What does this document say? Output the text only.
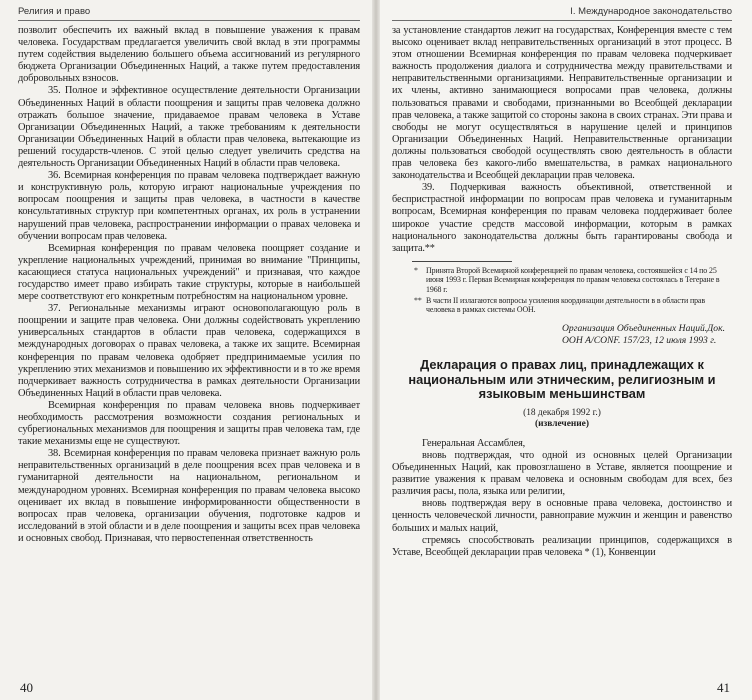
Религия и право

позволит обеспечить их важный вклад в повышение уважения к правам человека. Государствам предлагается увеличить свой вклад в эти программы путем содействия выделению большего объема ассигнований из регулярного бюджета Организации Объединенных Наций, а также путем предоставления добровольных взносов.

35. Полное и эффективное осуществление деятельности Организации Объединенных Наций в области поощрения и защиты прав человека должно отражать большое значение, придаваемое правам человека в Уставе Организации Объединенных Наций, а также требованиям к деятельности Организации Объединенных Наций в области прав человека, вытекающие из решений государств-членов. С этой целью следует увеличить средства на деятельность Организации Объединенных Наций в области прав человека.

36. Всемирная конференция по правам человека подтверждает важную и конструктивную роль, которую играют национальные учреждения по вопросам поощрения и защиты прав человека, в частности в качестве консультативных структур при компетентных органах, их роль в устранении нарушений прав человека, распространении информации о правах человека и обучении вопросам прав человека.

Всемирная конференция по правам человека поощряет создание и укрепление национальных учреждений, принимая во внимание "Принципы, касающиеся статуса национальных учреждений" и признавая, что каждое государство имеет право избирать такие структуры, которые в наибольшей мере соответствуют его конкретным потребностям на национальном уровне.

37. Региональные механизмы играют основополагающую роль в поощрении и защите прав человека. Они должны содействовать укреплению универсальных стандартов в области прав человека, содержащихся в международных договорах о правах человека, а также их защите. Всемирная конференция по правам человека одобряет предпринимаемые усилия по укреплению этих механизмов и повышению их эффективности и в то же время подчеркивает важность сотрудничества в рамках деятельности Организации Объединенных Наций в области прав человека.

Всемирная конференция по правам человека вновь подчеркивает необходимость рассмотрения возможности создания региональных и субрегиональных механизмов для поощрения и защиты прав человека там, где такие механизмы еще не существуют.

38. Всемирная конференция по правам человека признает важную роль неправительственных организаций в деле поощрения всех прав человека и в гуманитарной деятельности на национальном, региональном и международном уровнях. Всемирная конференция по правам человека высоко оценивает их вклад в повышение информированности общественности в вопросах прав человека, организации обучения, подготовке кадров и исследований в этой области и в деле поощрения и защиты всех прав человека и основных свобод. Признавая, что первостепенная ответственность

40
I. Международное законодательство

за установление стандартов лежит на государствах, Конференция вместе с тем высоко оценивает вклад неправительственных организаций в этот процесс. В этом отношении Всемирная конференция по правам человека подчеркивает важность продолжения диалога и сотрудничества между правительствами и неправительственными организациями. Неправительственные организации и их члены, активно занимающиеся вопросами прав человека, должны пользоваться правами и свободами, признанными во Всеобщей декларации прав человека, а также защитой со стороны закона в своих странах. Эти права и свободы не могут осуществляться в нарушение целей и принципов Организации Объединенных Наций. Неправительственные организации должны пользоваться свободой осуществлять свою деятельность в области прав человека без какого-либо вмешательства, в рамках национального законодательства и Всеобщей декларации прав человека.

39. Подчеркивая важность объективной, ответственной и беспристрастной информации по вопросам прав человека и гуманитарным вопросам, Всемирная конференция по правам человека поддерживает более широкое участие средств массовой информации, которым в рамках национального законодательства должны быть гарантированы свобода и защита.**

* Принята Второй Всемирной конференцией по правам человека, состоявшейся с 14 по 25 июня 1993 г. Первая Всемирная конференция по правам человека состоялась в Тегеране в 1968 г.

** В части II излагаются вопросы усиления координации деятельности в в области прав человека в рамках системы ООН.

Организация Объединенных Наций.Док. ООН A/CONF. 157/23, 12 июля 1993 г.

Декларация о правах лиц, принадлежащих к национальным или этническим, религиозным и языковым меньшинствам

(18 декабря 1992 г.)

(извлечение)

Генеральная Ассамблея,

вновь подтверждая, что одной из основных целей Организации Объединенных Наций, как провозглашено в Уставе, является поощрение и развитие уважения к правам человека и основным свободам для всех, без различия расы, пола, языка или религии,

вновь подтверждая веру в основные права человека, достоинство и ценность человеческой личности, равноправие мужчин и женщин и равенство больших и малых наций,

стремясь способствовать реализации принципов, содержащихся в Уставе, Всеобщей декларации прав человека * (1), Конвенции

41
